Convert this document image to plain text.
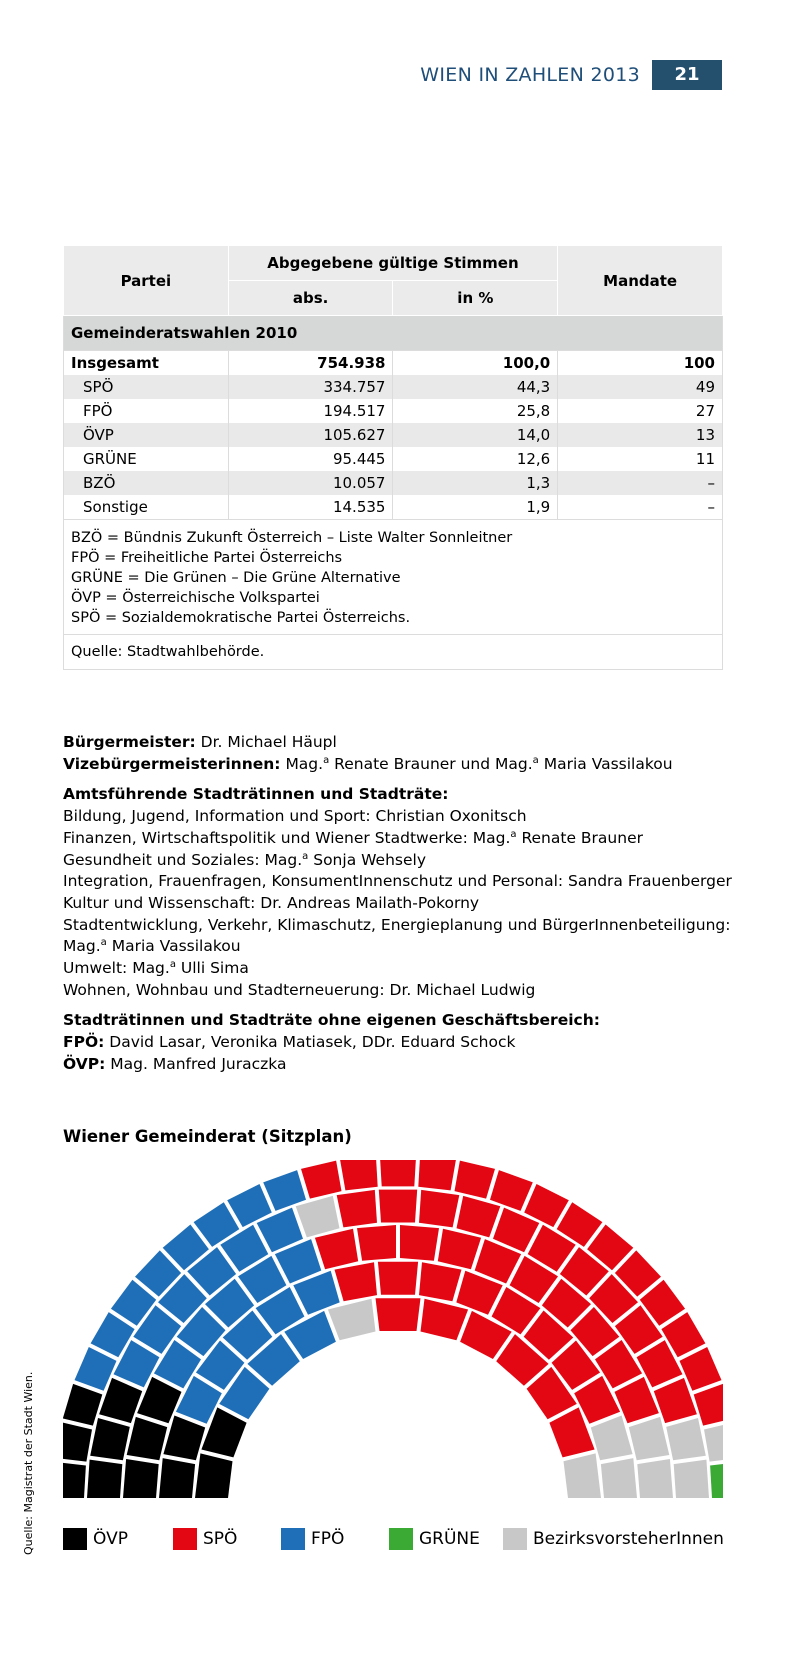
WIEN IN ZAHLEN 2013	21
Gemeinderatswahlen 2010			
Partei	Abgegebene gültige Stimmen		Mandate
	abs.	in %	
Insgesamt	754.938	100,0	100
SPÖ	334.757	44,3	49
FPÖ	194.517	25,8	27
ÖVP	105.627	14,0	13
GRÜNE	95.445	12,6	11
BZÖ	10.057	1,3	–
Sonstige	14.535	1,9	–

BZÖ = Bündnis Zukunft Österreich – Liste Walter Sonnleitner
FPÖ = Freiheitliche Partei Österreichs
GRÜNE = Die Grünen – Die Grüne Alternative
ÖVP = Österreichische Volkspartei
SPÖ = Sozialdemokratische Partei Österreichs.			

Quelle: Stadtwahlbehörde.			

Bürgermeister: Dr. Michael Häupl

Vizebürgermeisterinnen: Mag.$^a$ Renate Brauner und Mag.$^a$ Maria Vassilakou

Amtsführende Stadträtinnen und Stadträte:

Bildung, Jugend, Information und Sport: Christian Oxonitsch

Finanzen, Wirtschaftspolitik und Wiener Stadtwerke: Mag.$^a$ Renate Brauner

Gesundheit und Soziales: Mag.$^a$ Sonja Wehsely

Integration, Frauenfragen, KonsumentInnenschutz und Personal: Sandra Frauenberger

Kultur und Wissenschaft: Dr. Andreas Mailath-Pokorny

Stadtentwicklung, Verkehr, Klimaschutz, Energieplanung und BürgerInnenbeteiligung:

Mag.$^a$ Maria Vassilakou

Umwelt: Mag.$^a$ Ulli Sima

Wohnen, Wohnbau und Stadterneuerung: Dr. Michael Ludwig

Stadträtinnen und Stadträte ohne eigenen Geschäftsbereich:

FPÖ: David Lasar, Veronika Matiasek, DDr. Eduard Schock

ÖVP: Mag. Manfred Juraczka

Wiener Gemeinderat (Sitzplan)
ÖVP	SPÖ	FPÖ	GRÜNE	BezirksvorsteherInnen
Quelle: Magistrat der Stadt Wien.
